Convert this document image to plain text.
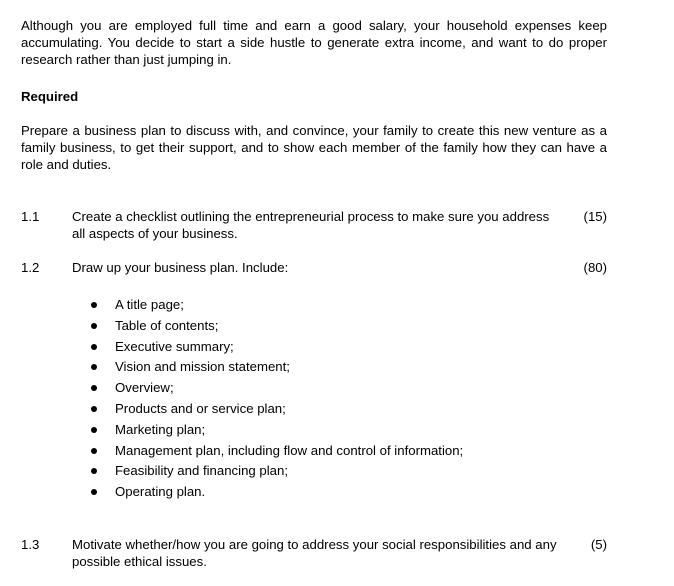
Although you are employed full time and earn a good salary, your household expenses keep accumulating. You decide to start a side hustle to generate extra income, and want to do proper research rather than just jumping in.

Required

Prepare a business plan to discuss with, and convince, your family to create this new venture as a family business, to get their support, and to show each member of the family how they can have a role and duties.

1.1 Create a checklist outlining the entrepreneurial process to make sure you address all aspects of your business.
(15)
1.2 Draw up your business plan. Include:	(80)
A title page;
Table of contents;
Executive summary;
Vision and mission statement;
Overview;
Products and or service plan;
Marketing plan;
Management plan, including flow and control of information;
Feasibility and financing plan;
Operating plan.
1.3 Motivate whether/how you are going to address your social responsibilities and any possible ethical issues.
(5)
